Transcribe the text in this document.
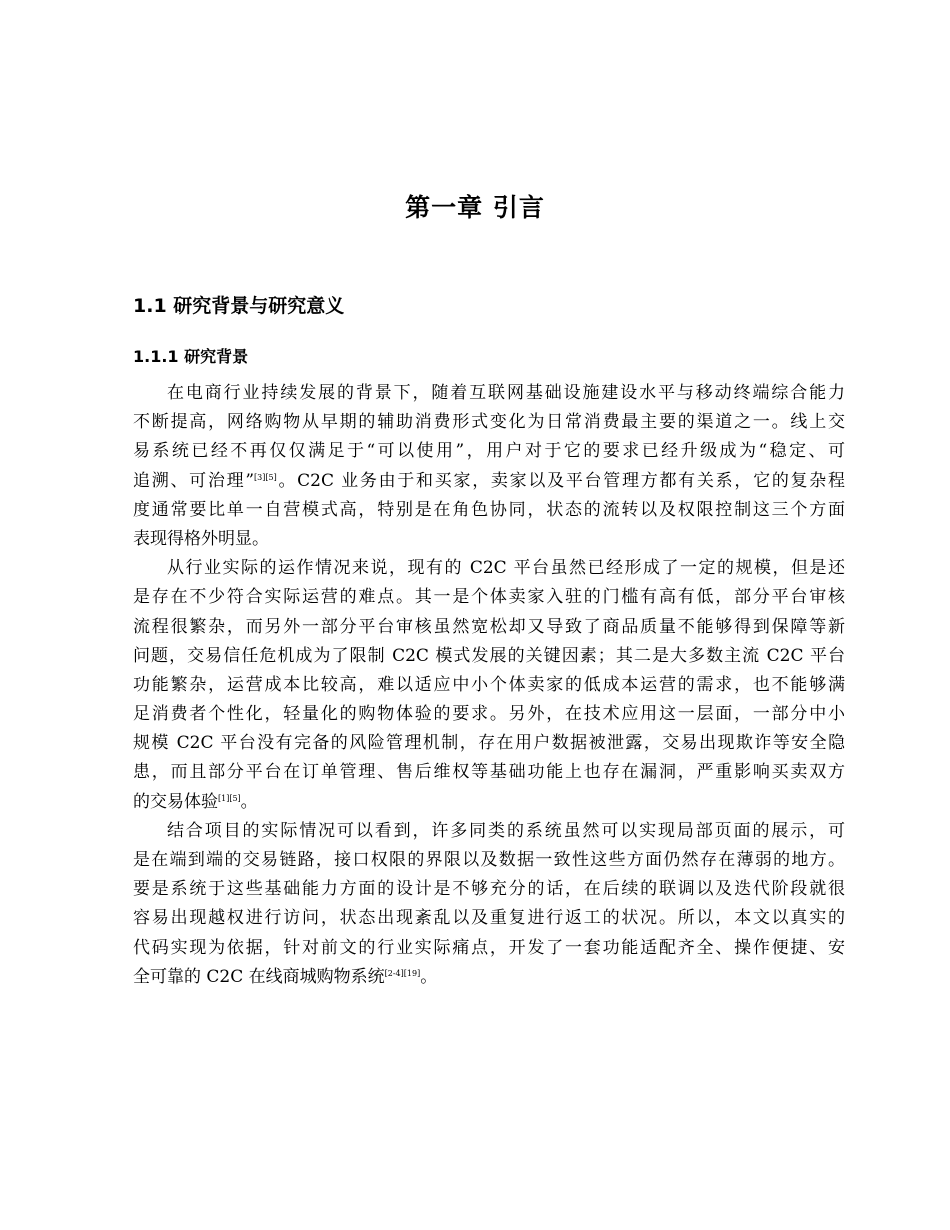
第一章 引言
1.1 研究背景与研究意义
1.1.1 研究背景

在电商行业持续发展的背景下，随着互联网基础设施建设水平与移动终端综合能力
不断提高，网络购物从早期的辅助消费形式变化为日常消费最主要的渠道之一。线上交
易系统已经不再仅仅满足于“可以使用”，用户对于它的要求已经升级成为“稳定、可
追溯、可治理”[3][5]。C2C 业务由于和买家，卖家以及平台管理方都有关系，它的复杂程
度通常要比单一自营模式高，特别是在角色协同，状态的流转以及权限控制这三个方面
表现得格外明显。

从行业实际的运作情况来说，现有的 C2C 平台虽然已经形成了一定的规模，但是还
是存在不少符合实际运营的难点。其一是个体卖家入驻的门槛有高有低，部分平台审核
流程很繁杂，而另外一部分平台审核虽然宽松却又导致了商品质量不能够得到保障等新
问题，交易信任危机成为了限制 C2C 模式发展的关键因素；其二是大多数主流 C2C 平台
功能繁杂，运营成本比较高，难以适应中小个体卖家的低成本运营的需求，也不能够满
足消费者个性化，轻量化的购物体验的要求。另外，在技术应用这一层面，一部分中小
规模 C2C 平台没有完备的风险管理机制，存在用户数据被泄露，交易出现欺诈等安全隐
患，而且部分平台在订单管理、售后维权等基础功能上也存在漏洞，严重影响买卖双方
的交易体验[1][5]。

结合项目的实际情况可以看到，许多同类的系统虽然可以实现局部页面的展示，可
是在端到端的交易链路，接口权限的界限以及数据一致性这些方面仍然存在薄弱的地方。
要是系统于这些基础能力方面的设计是不够充分的话，在后续的联调以及迭代阶段就很
容易出现越权进行访问，状态出现紊乱以及重复进行返工的状况。所以，本文以真实的
代码实现为依据，针对前文的行业实际痛点，开发了一套功能适配齐全、操作便捷、安
全可靠的 C2C 在线商城购物系统[2-4][19]。
